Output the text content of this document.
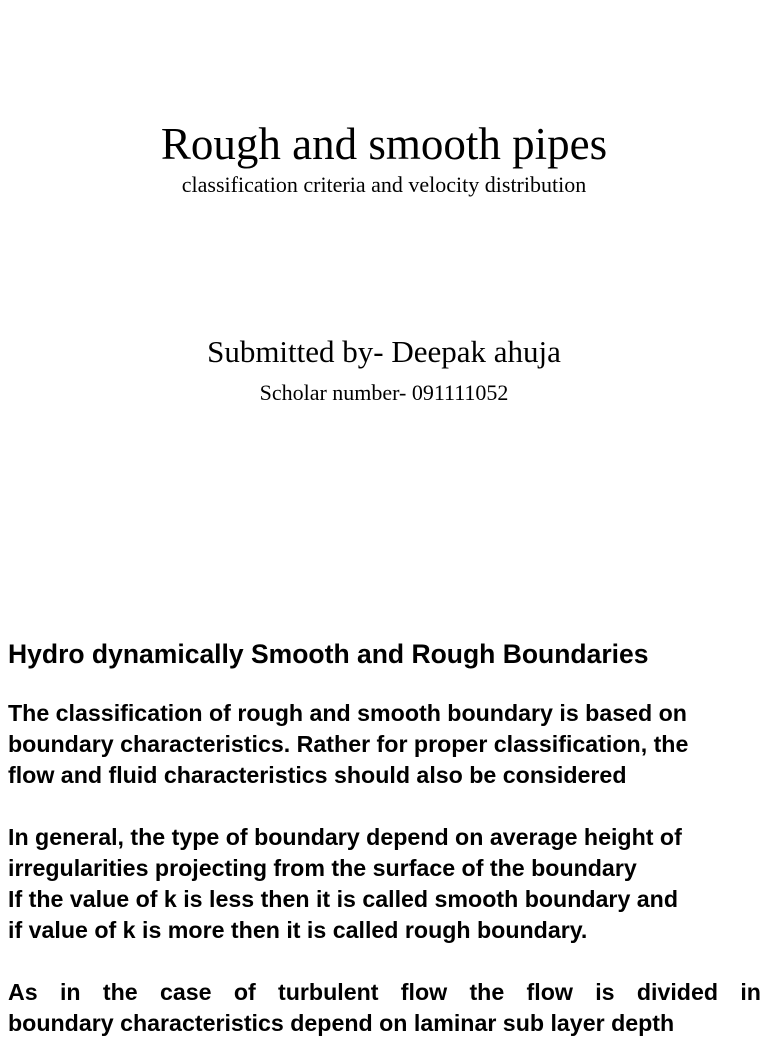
Rough and smooth pipes
classification criteria and velocity distribution
Submitted by- Deepak ahuja
Scholar number- 091111052
Hydro dynamically Smooth and Rough Boundaries
The classification of rough and smooth boundary is based on
boundary characteristics. Rather for proper classification, the
flow and fluid characteristics should also be considered
In general, the type of boundary depend on average height of
irregularities projecting from the surface of the boundary
If the value of k is less then it is called smooth boundary and
if value of k is more then it is called rough boundary.
As in the case of turbulent flow the flow is divided in
boundary characteristics depend on laminar sub layer depth
